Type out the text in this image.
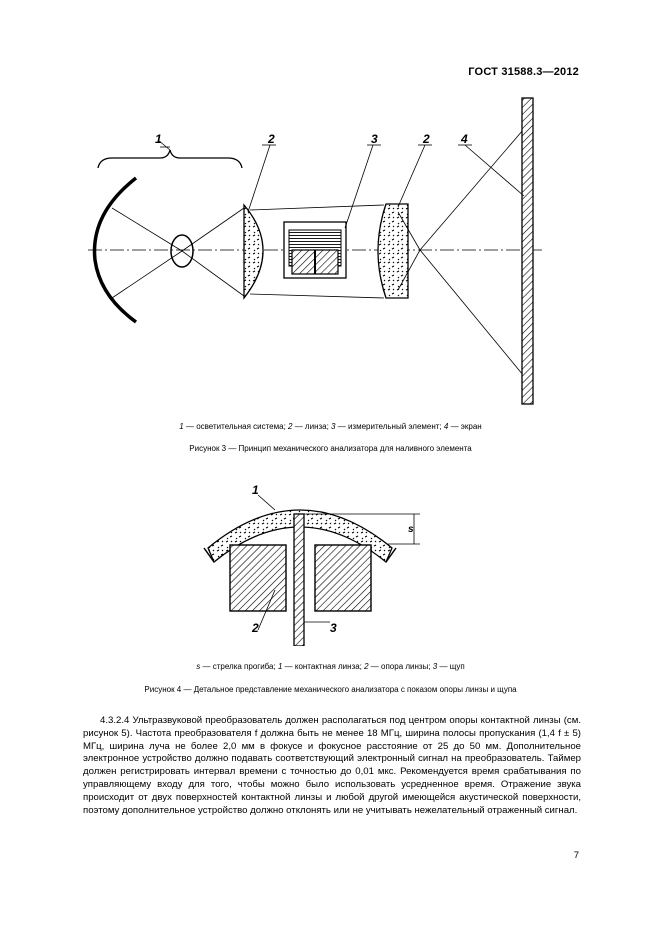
ГОСТ 31588.3—2012
1	2	3	2	4
1 — осветительная система; 2 — линза; 3 — измерительный элемент; 4 — экран
Рисунок 3 — Принцип механического анализатора для наливного элемента
1
2	3
s
s — стрелка прогиба; 1 — контактная линза; 2 — опора линзы; 3 — щуп
Рисунок 4 — Детальное представление механического анализатора с показом опоры линзы и щупа

4.3.2.4 Ультразвуковой преобразователь должен располагаться под центром опоры контактной линзы (см. рисунок 5). Частота преобразователя f должна быть не менее 18 МГц, ширина полосы пропускания (1,4 f ± 5) МГц, ширина луча не более 2,0 мм в фокусе и фокусное расстояние от 25 до 50 мм. Дополнительное электронное устройство должно подавать соответствующий электронный сигнал на преобразователь. Таймер должен регистрировать интервал времени с точностью до 0,01 мкс. Рекомендуется время срабатывания по управляющему входу для того, чтобы можно было использовать усредненное время. Отражение звука происходит от двух поверхностей контактной линзы и любой другой имеющейся акустической поверхности, поэтому дополнительное устройство должно отклонять или не учитывать нежелательный отраженный сигнал.

7
